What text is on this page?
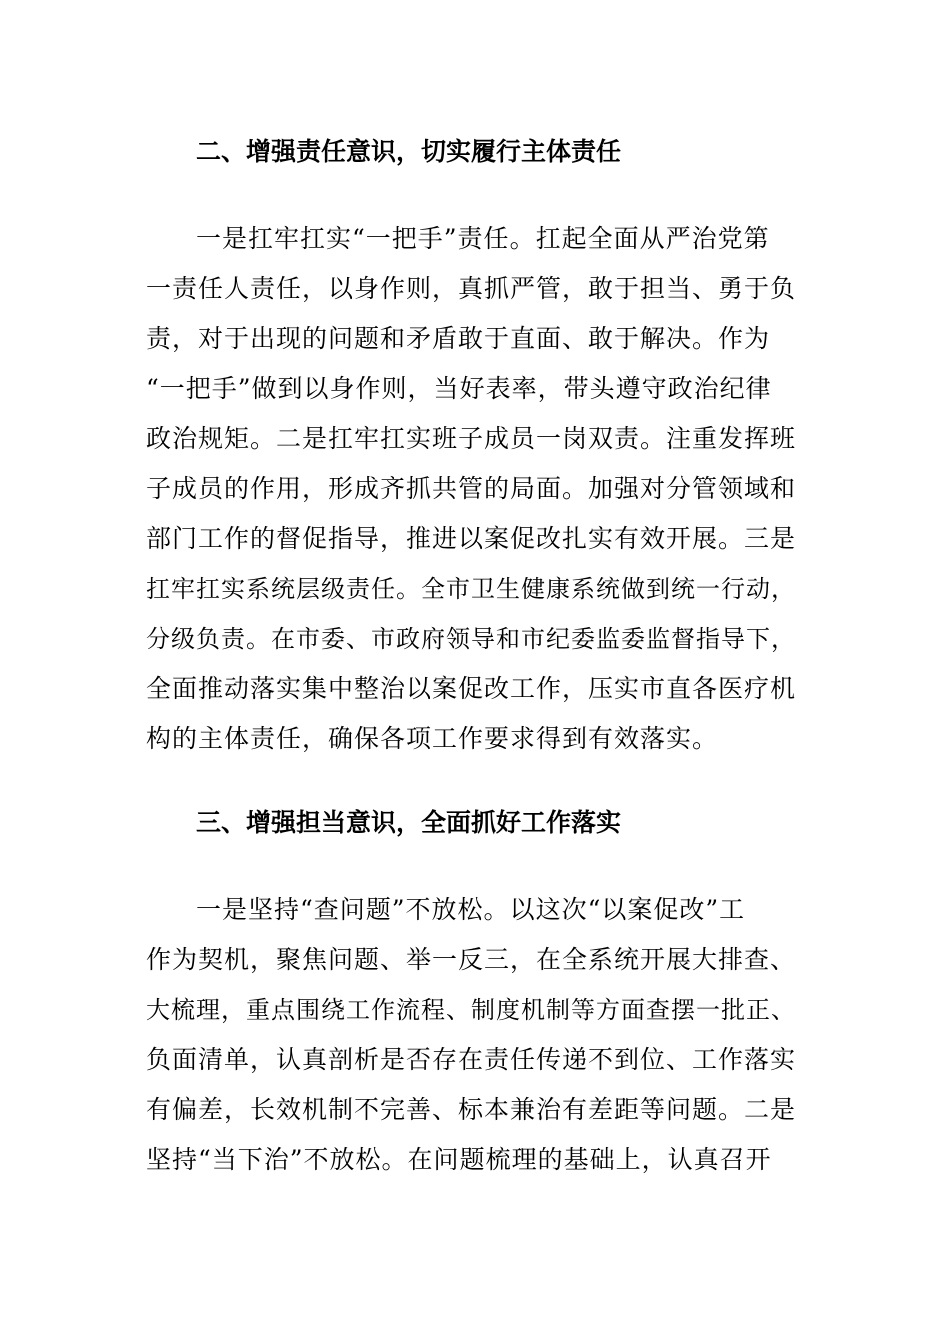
二、增强责任意识，切实履行主体责任
一是扛牢扛实“一把手”责任。扛起全面从严治党第
一责任人责任，以身作则，真抓严管，敢于担当、勇于负
责，对于出现的问题和矛盾敢于直面、敢于解决。作为
“一把手”做到以身作则，当好表率，带头遵守政治纪律
政治规矩。二是扛牢扛实班子成员一岗双责。注重发挥班
子成员的作用，形成齐抓共管的局面。加强对分管领域和
部门工作的督促指导，推进以案促改扎实有效开展。三是
扛牢扛实系统层级责任。全市卫生健康系统做到统一行动，
分级负责。在市委、市政府领导和市纪委监委监督指导下，
全面推动落实集中整治以案促改工作，压实市直各医疗机
构的主体责任，确保各项工作要求得到有效落实。
三、增强担当意识，全面抓好工作落实
一是坚持“查问题”不放松。以这次“以案促改”工
作为契机，聚焦问题、举一反三，在全系统开展大排查、
大梳理，重点围绕工作流程、制度机制等方面查摆一批正、
负面清单，认真剖析是否存在责任传递不到位、工作落实
有偏差，长效机制不完善、标本兼治有差距等问题。二是
坚持“当下治”不放松。在问题梳理的基础上，认真召开
